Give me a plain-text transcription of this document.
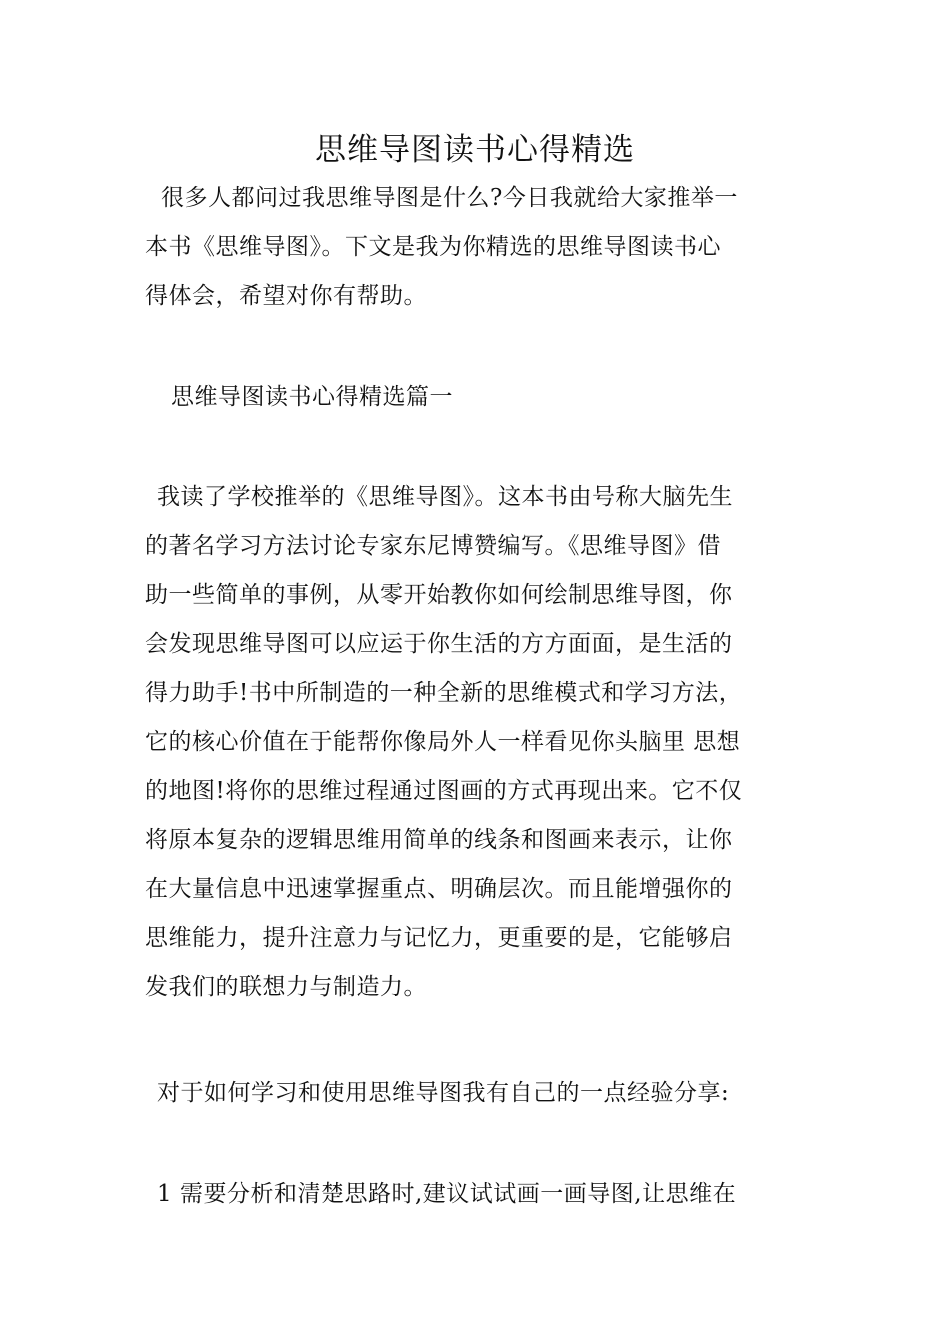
思维导图读书心得精选
很多人都问过我思维导图是什么?今日我就给大家推举一
本书《思维导图》。下文是我为你精选的思维导图读书心
得体会，希望对你有帮助。
思维导图读书心得精选篇一
我读了学校推举的《思维导图》。这本书由号称大脑先生
的著名学习方法讨论专家东尼博赞编写。《思维导图》借
助一些简单的事例，从零开始教你如何绘制思维导图，你
会发现思维导图可以应运于你生活的方方面面，是生活的
得力助手!书中所制造的一种全新的思维模式和学习方法，
它的核心价值在于能帮你像局外人一样看见你头脑里 思想
的地图!将你的思维过程通过图画的方式再现出来。它不仅
将原本复杂的逻辑思维用简单的线条和图画来表示，让你
在大量信息中迅速掌握重点、明确层次。而且能增强你的
思维能力，提升注意力与记忆力，更重要的是，它能够启
发我们的联想力与制造力。
对于如何学习和使用思维导图我有自己的一点经验分享:
1 需要分析和清楚思路时,建议试试画一画导图,让思维在
